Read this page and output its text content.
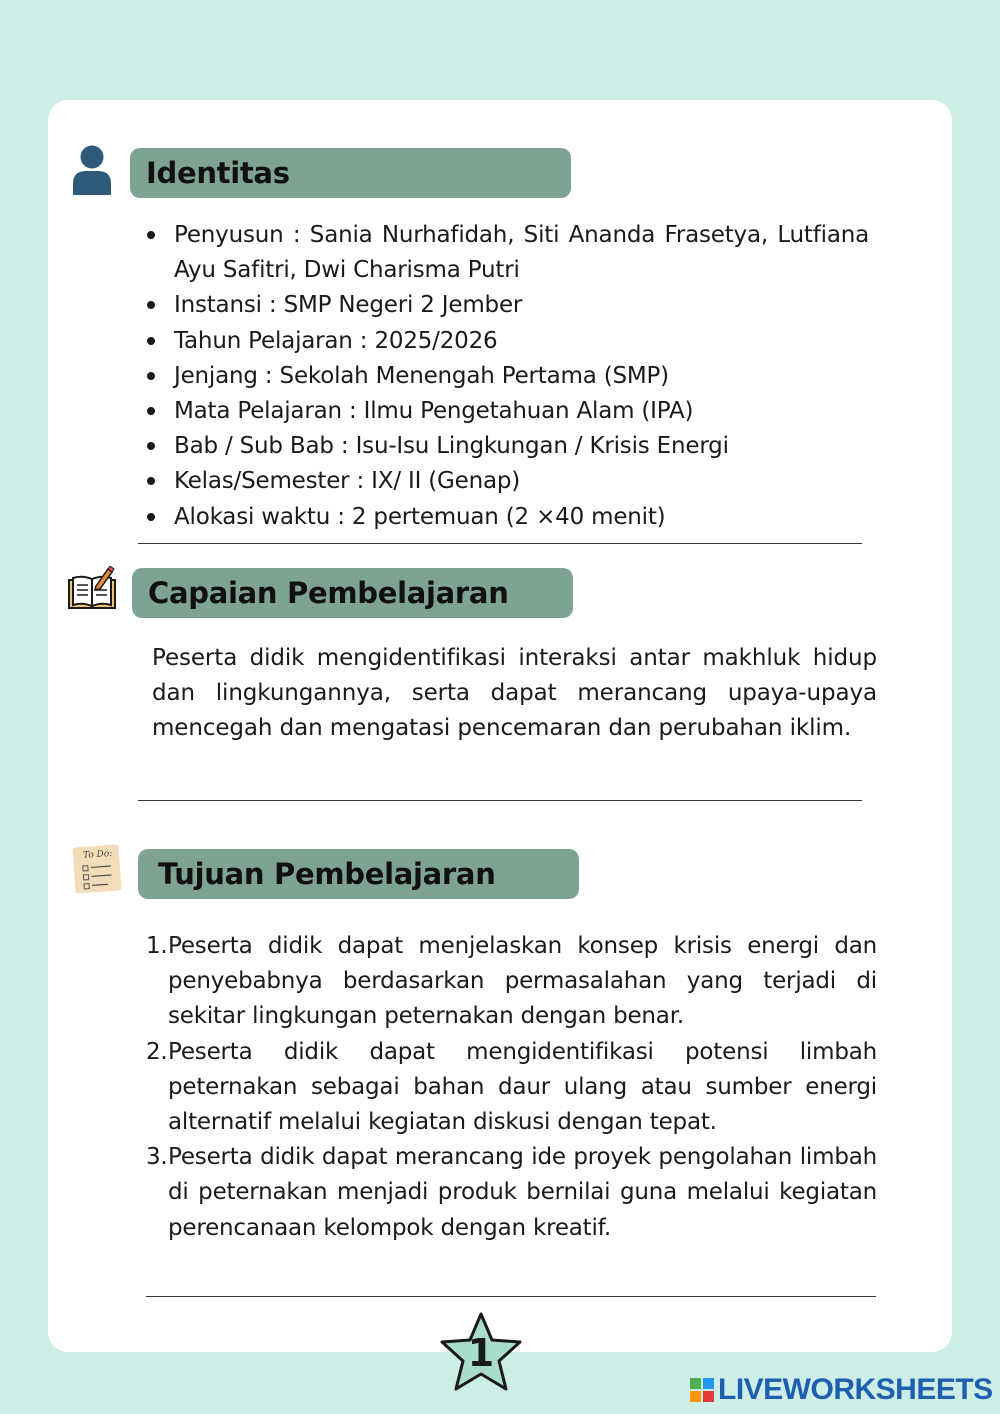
Identitas
Penyusun : Sania Nurhafidah, Siti Ananda Frasetya, Lutfiana Ayu Safitri, Dwi Charisma Putri
Instansi : SMP Negeri 2 Jember
Tahun Pelajaran : 2025/2026
Jenjang : Sekolah Menengah Pertama (SMP)
Mata Pelajaran : Ilmu Pengetahuan Alam (IPA)
Bab / Sub Bab : Isu-Isu Lingkungan / Krisis Energi
Kelas/Semester : IX/ II (Genap)
Alokasi waktu : 2 pertemuan (2 ×40 menit)
Capaian Pembelajaran

Peserta didik mengidentifikasi interaksi antar makhluk hidup dan lingkungannya, serta dapat merancang upaya-upaya mencegah dan mengatasi pencemaran dan perubahan iklim.

To Do:
Tujuan Pembelajaran
1. Peserta didik dapat menjelaskan konsep krisis energi dan penyebabnya berdasarkan permasalahan yang terjadi di sekitar lingkungan peternakan dengan benar.
2. Peserta didik dapat mengidentifikasi potensi limbah peternakan sebagai bahan daur ulang atau sumber energi alternatif melalui kegiatan diskusi dengan tepat.
3. Peserta didik dapat merancang ide proyek pengolahan limbah di peternakan menjadi produk bernilai guna melalui kegiatan perencanaan kelompok dengan kreatif.
1
LIVEWORKSHEETS
